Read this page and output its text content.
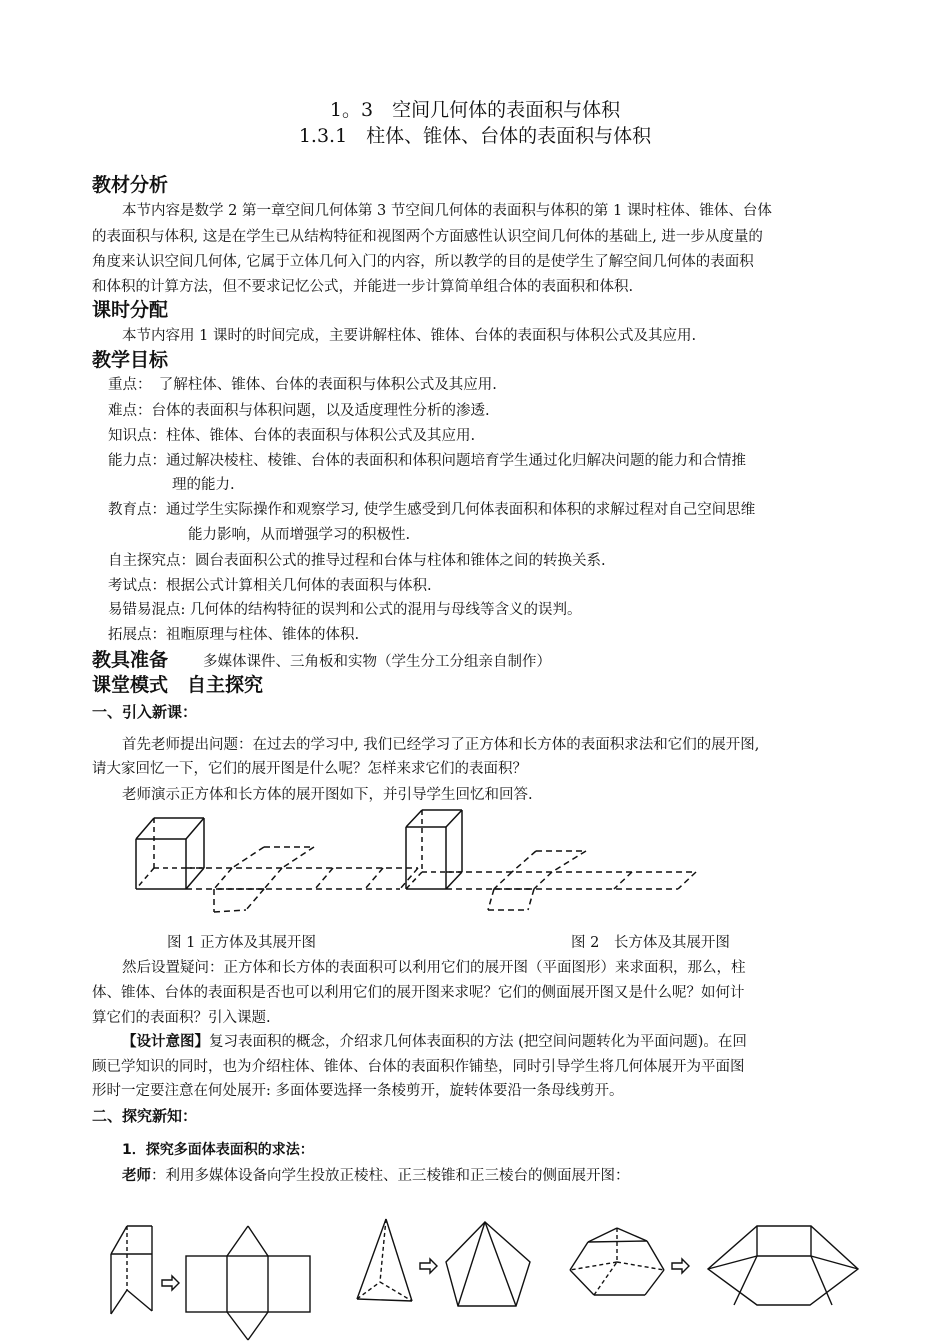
1。3　空间几何体的表面积与体积
1.3.1　柱体、锥体、台体的表面积与体积
教材分析
本节内容是数学 2 第一章空间几何体第 3 节空间几何体的表面积与体积的第 1 课时柱体、锥体、台体
的表面积与体积, 这是在学生已从结构特征和视图两个方面感性认识空间几何体的基础上, 进一步从度量的
角度来认识空间几何体, 它属于立体几何入门的内容，所以教学的目的是使学生了解空间几何体的表面积
和体积的计算方法，但不要求记忆公式，并能进一步计算简单组合体的表面积和体积.
课时分配
本节内容用 1 课时的时间完成，主要讲解柱体、锥体、台体的表面积与体积公式及其应用.
教学目标
重点：　了解柱体、锥体、台体的表面积与体积公式及其应用.
难点：台体的表面积与体积问题，以及适度理性分析的渗透.
知识点：柱体、锥体、台体的表面积与体积公式及其应用.
能力点：通过解决棱柱、棱锥、台体的表面积和体积问题培育学生通过化归解决问题的能力和合情推
理的能力.
教育点：通过学生实际操作和观察学习, 使学生感受到几何体表面积和体积的求解过程对自己空间思维
能力影响，从而增强学习的积极性.
自主探究点：圆台表面积公式的推导过程和台体与柱体和锥体之间的转换关系.
考试点：根据公式计算相关几何体的表面积与体积.
易错易混点: 几何体的结构特征的误判和公式的混用与母线等含义的误判。
拓展点：祖暅原理与柱体、锥体的体积.
教具准备 多媒体课件、三角板和实物（学生分工分组亲自制作）
课堂模式　自主探究
一、引入新课：
首先老师提出问题：在过去的学习中, 我们已经学习了正方体和长方体的表面积求法和它们的展开图,
请大家回忆一下，它们的展开图是什么呢？怎样来求它们的表面积？
老师演示正方体和长方体的展开图如下，并引导学生回忆和回答.
图 1 正方体及其展开图	图 2　长方体及其展开图
然后设置疑问：正方体和长方体的表面积可以利用它们的展开图（平面图形）来求面积，那么，柱
体、锥体、台体的表面积是否也可以利用它们的展开图来求呢？它们的侧面展开图又是什么呢？如何计
算它们的表面积？引入课题.
【设计意图】复习表面积的概念，介绍求几何体表面积的方法 (把空间问题转化为平面问题)。在回
顾已学知识的同时，也为介绍柱体、锥体、台体的表面积作铺垫，同时引导学生将几何体展开为平面图
形时一定要注意在何处展开: 多面体要选择一条棱剪开，旋转体要沿一条母线剪开。
二、探究新知：
1．探究多面体表面积的求法：
老师：利用多媒体设备向学生投放正棱柱、正三棱锥和正三棱台的侧面展开图：
